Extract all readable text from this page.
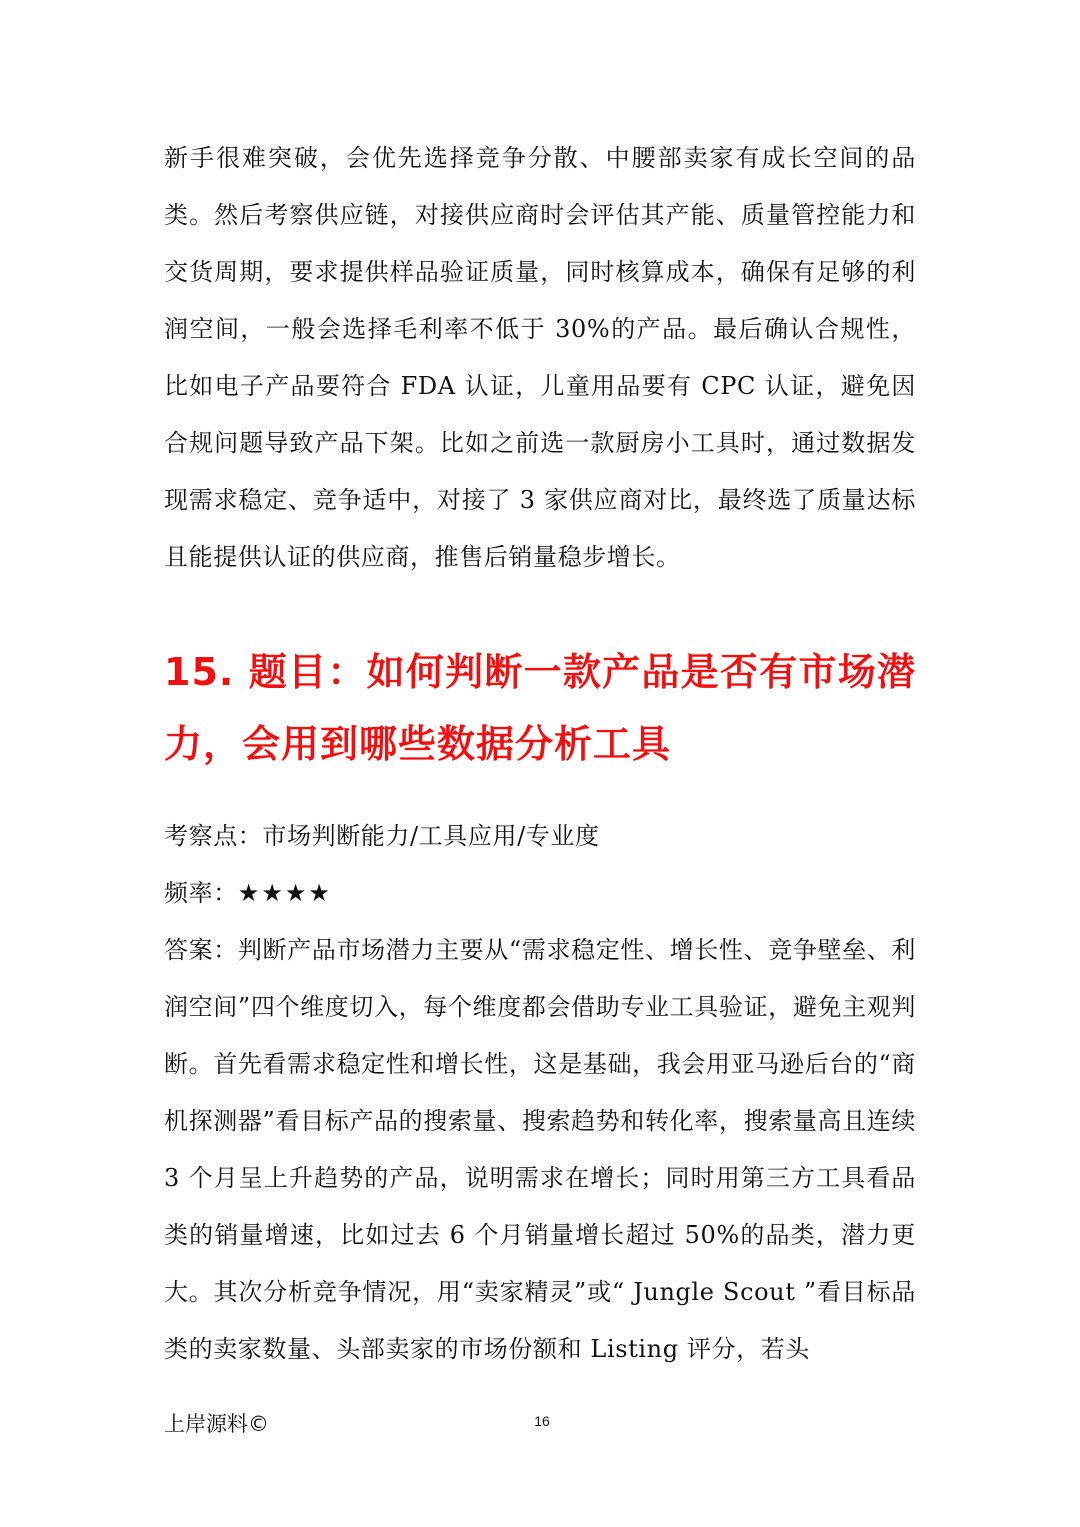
新手很难突破，会优先选择竞争分散、中腰部卖家有成长空间的品类。然后考察供应链，对接供应商时会评估其产能、质量管控能力和交货周期，要求提供样品验证质量，同时核算成本，确保有足够的利润空间，一般会选择毛利率不低于 30%的产品。最后确认合规性，比如电子产品要符合 FDA 认证，儿童用品要有 CPC 认证，避免因合规问题导致产品下架。比如之前选一款厨房小工具时，通过数据发现需求稳定、竞争适中，对接了 3 家供应商对比，最终选了质量达标且能提供认证的供应商，推售后销量稳步增长。

15. 题目：如何判断一款产品是否有市场潜力，会用到哪些数据分析工具

考察点：市场判断能力/工具应用/专业度

频率：★★★★

答案：判断产品市场潜力主要从“需求稳定性、增长性、竞争壁垒、利润空间”四个维度切入，每个维度都会借助专业工具验证，避免主观判断。首先看需求稳定性和增长性，这是基础，我会用亚马逊后台的“商机探测器”看目标产品的搜索量、搜索趋势和转化率，搜索量高且连续 3 个月呈上升趋势的产品，说明需求在增长；同时用第三方工具看品类的销量增速，比如过去 6 个月销量增长超过 50%的品类，潜力更大。其次分析竞争情况，用“卖家精灵”或“ Jungle Scout ”看目标品类的卖家数量、头部卖家的市场份额和 Listing 评分，若头

上岸源料©	16
